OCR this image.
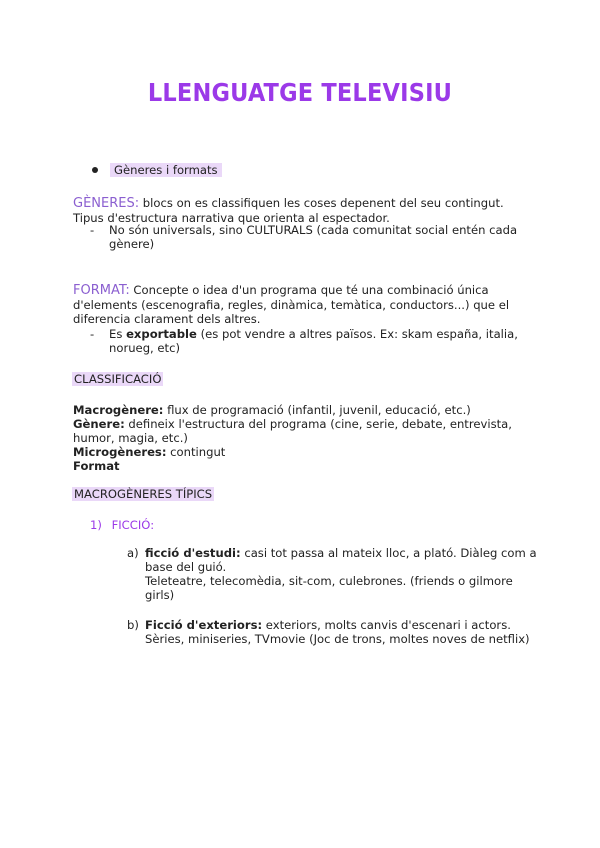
LLENGUATGE TELEVISIU
Gèneres i formats
GÈNERES: blocs on es classifiquen les coses depenent del seu contingut.
Tipus d'estructura narrativa que orienta al espectador.
- No són universals, sino CULTURALS (cada comunitat social entén cada
gènere)
FORMAT: Concepte o idea d'un programa que té una combinació única
d'elements (escenografia, regles, dinàmica, temàtica, conductors...) que el
diferencia clarament dels altres.
- Es exportable (es pot vendre a altres països. Ex: skam españa, italia,
norueg, etc)
CLASSIFICACIÓ
Macrogènere: flux de programació (infantil, juvenil, educació, etc.)
Gènere: defineix l'estructura del programa (cine, serie, debate, entrevista,
humor, magia, etc.)
Microgèneres: contingut
Format
MACROGÈNERES TÍPICS
1) FICCIÓ:
a) ficció d'estudi: casi tot passa al mateix lloc, a plató. Diàleg com a
base del guió.
Teleteatre, telecomèdia, sit-com, culebrones. (friends o gilmore
girls)
b) Ficció d'exteriors: exteriors, molts canvis d'escenari i actors.
Sèries, miniseries, TVmovie (Joc de trons, moltes noves de netflix)
